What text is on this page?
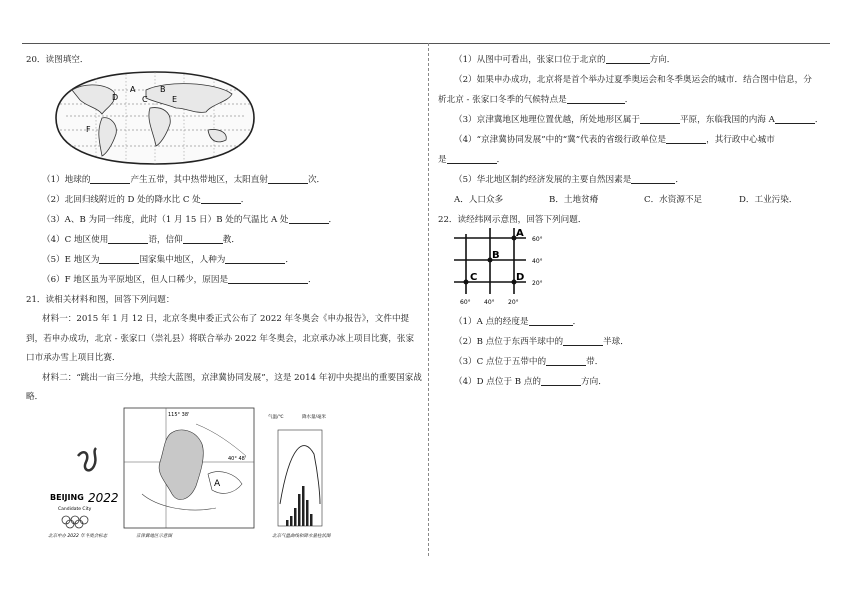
20．读图填空．
A	B
C
D	E
F
（1）地球的	产生五带，其中热带地区，太阳直射	次．
（2）北回归线附近的 D 处的降水比 C 处	．
（3）A、B 为同一纬度，此时（1 月 15 日）B 处的气温比 A 处	．
（4）C 地区使用	语，信仰	教．
（5）E 地区为	国家集中地区，人种为	．
（6）F 地区虽为平原地区，但人口稀少，原因是	．
21．读相关材料和图，回答下列问题：
材料一：2015 年 1 月 12 日，北京冬奥申委正式公布了 2022 年冬奥会《申办报告》，文件中提到，若申办成功，北京 - 张家口（崇礼县）将联合举办 2022 年冬奥会，北京承办冰上项目比赛，张家口市承办雪上项目比赛．
材料二：“跳出一亩三分地，共绘大蓝图，京津冀协同发展”，这是 2014 年初中央提出的重要国家战略．
BEIJING 2022
Candidate City
北京申办 2022 年冬奥会标志
115° 38'
40° 48'
A
京津冀地区示意图
气温/℃	降水量/毫米
北京气温曲线和降水量柱状图
（1）从图中可看出，张家口位于北京的	方向．
（2）如果申办成功，北京将是首个举办过夏季奥运会和冬季奥运会的城市．结合图中信息，分
析北京 - 张家口冬季的气候特点是	．
（3）京津冀地区地理位置优越，所处地形区属于	平原，东临我国的内海 A	．
（4）“京津冀协同发展”中的“冀”代表的省级行政单位是	，其行政中心城市
是	．
（5）华北地区制约经济发展的主要自然因素是	．
A．人口众多	B．土地贫瘠	C．水资源不足	D．工业污染．
22．读经纬网示意图，回答下列问题．
A
B
C	D
60°
40°
20°
60° 40° 20°
（1）A 点的经度是	．
（2）B 点位于东西半球中的	半球．
（3）C 点位于五带中的	带．
（4）D 点位于 B 点的	方向．
